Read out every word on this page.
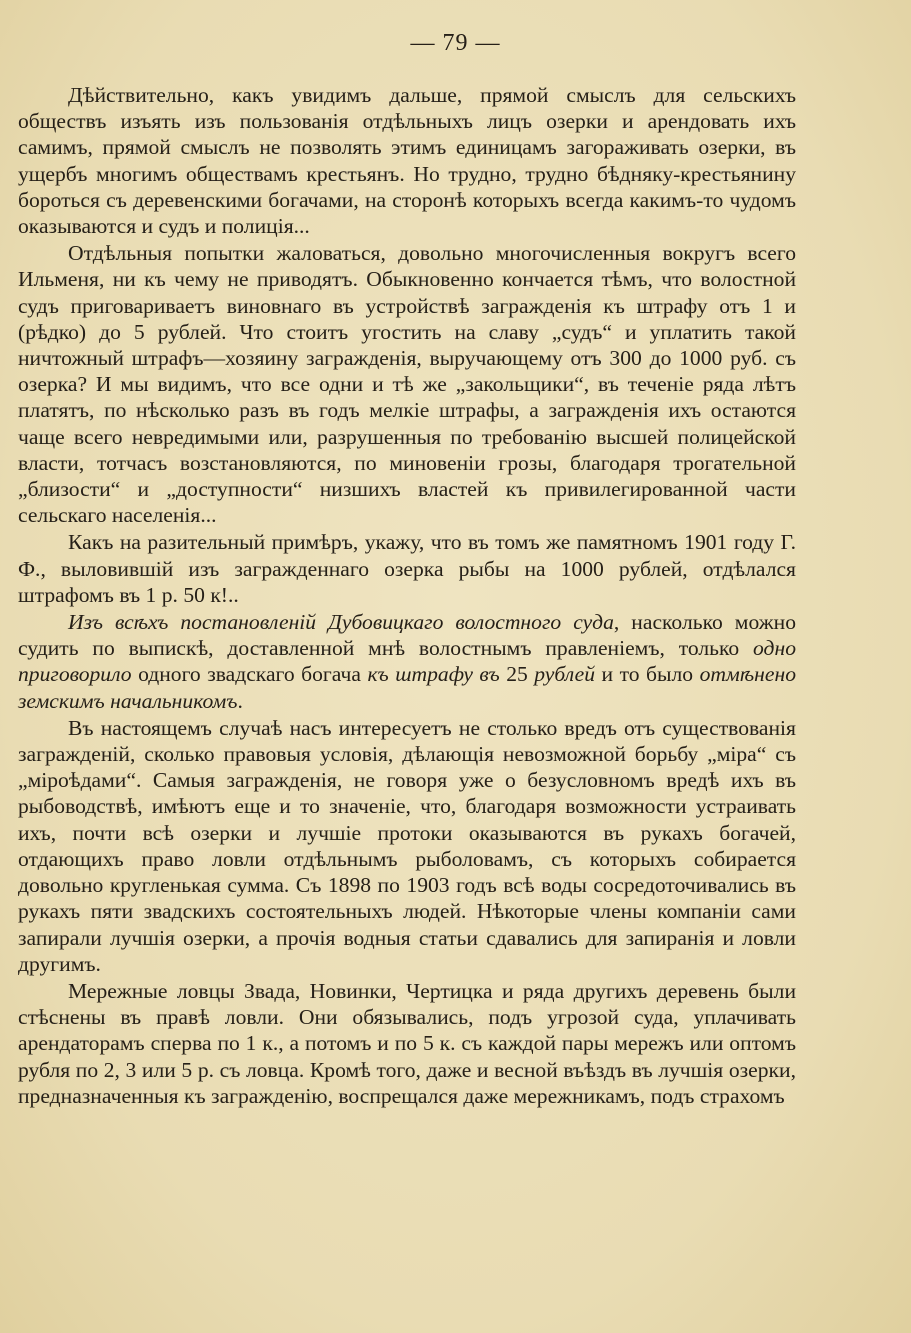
— 79 —

Дѣйствительно, какъ увидимъ дальше, прямой смыслъ для сельскихъ обществъ изъять изъ пользованія отдѣльныхъ лицъ озерки и арендовать ихъ самимъ, прямой смыслъ не позволять этимъ единицамъ загораживать озерки, въ ущербъ многимъ обществамъ крестьянъ. Но трудно, трудно бѣдняку-крестьянину бороться съ деревенскими богачами, на сторонѣ которыхъ всегда какимъ-то чудомъ оказываются и судъ и полиція...

Отдѣльныя попытки жаловаться, довольно многочисленныя вокругъ всего Ильменя, ни къ чему не приводятъ. Обыкновенно кончается тѣмъ, что волостной судъ приговариваетъ виновнаго въ устройствѣ загражденія къ штрафу отъ 1 и (рѣдко) до 5 рублей. Что стоитъ угостить на славу „судъ“ и уплатить такой ничтожный штрафъ—хозяину загражденія, выручающему отъ 300 до 1000 руб. съ озерка? И мы видимъ, что все одни и тѣ же „закольщики“, въ теченіе ряда лѣтъ платятъ, по нѣсколько разъ въ годъ мелкіе штрафы, а загражденія ихъ остаются чаще всего невредимыми или, разрушенныя по требованію высшей полицейской власти, тотчасъ возстановляются, по миновеніи грозы, благодаря трогательной „близости“ и „доступности“ низшихъ властей къ привилегированной части сельскаго населенія...

Какъ на разительный примѣръ, укажу, что въ томъ же памятномъ 1901 году Г. Ф., выловившій изъ загражденнаго озерка рыбы на 1000 рублей, отдѣлался штрафомъ въ 1 р. 50 к!..

Изъ всѣхъ постановленій Дубовицкаго волостного суда, насколько можно судить по выпискѣ, доставленной мнѣ волостнымъ правленіемъ, только одно приговорило одного звадскаго богача къ штрафу въ 25 рублей и то было отмѣнено земскимъ начальникомъ.

Въ настоящемъ случаѣ насъ интересуетъ не столько вредъ отъ существованія загражденій, сколько правовыя условія, дѣлающія невозможной борьбу „міра“ съ „міроѣдами“. Самыя загражденія, не говоря уже о безусловномъ вредѣ ихъ въ рыбоводствѣ, имѣютъ еще и то значеніе, что, благодаря возможности устраивать ихъ, почти всѣ озерки и лучшіе протоки оказываются въ рукахъ богачей, отдающихъ право ловли отдѣльнымъ рыболовамъ, съ которыхъ собирается довольно кругленькая сумма. Съ 1898 по 1903 годъ всѣ воды сосредоточивались въ рукахъ пяти звадскихъ состоятельныхъ людей. Нѣкоторые члены компаніи сами запирали лучшія озерки, а прочія водныя статьи сдавались для запиранія и ловли другимъ.

Мережные ловцы Звада, Новинки, Чертицка и ряда другихъ деревень были стѣснены въ правѣ ловли. Они обязывались, подъ угрозой суда, уплачивать арендаторамъ сперва по 1 к., а потомъ и по 5 к. съ каждой пары мережъ или оптомъ рубля по 2, 3 или 5 р. съ ловца. Кромѣ того, даже и весной въѣздъ въ лучшія озерки, предназначенныя къ загражденію, воспрещался даже мережникамъ, подъ страхомъ
